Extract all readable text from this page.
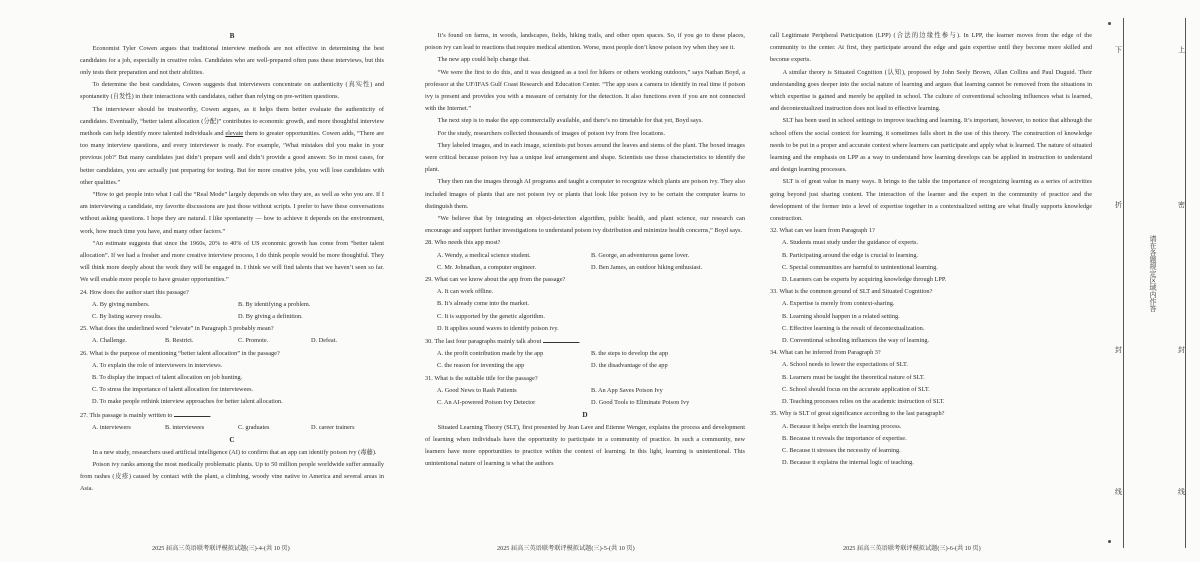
B

Economist Tyler Cowen argues that traditional interview methods are not effective in determining the best candidates for a job, especially in creative roles. Candidates who are well-prepared often pass these interviews, but this only tests their preparation and not their abilities.

To determine the best candidates, Cowen suggests that interviewers concentrate on authenticity (真实性) and spontaneity (自发性) in their interactions with candidates, rather than relying on pre-written questions.

The interviewer should be trustworthy, Cowen argues, as it helps them better evaluate the authenticity of candidates. Eventually, “better talent allocation (分配)” contributes to economic growth, and more thoughtful interview methods can help identify more talented individuals and elevate them to greater opportunities. Cowen adds, “There are too many interview questions, and every interviewer is ready. For example, ‘What mistakes did you make in your previous job?’ But many candidates just didn’t prepare well and didn’t provide a good answer. So in most cases, for better candidates, you are actually just preparing for testing. But for more creative jobs, you will lose candidates with other qualities.”

“How to get people into what I call the “Real Mode” largely depends on who they are, as well as who you are. If I am interviewing a candidate, my favorite discussions are just those without scripts. I prefer to have these conversations without asking questions. I hope they are natural. I like spontaneity — how to achieve it depends on the environment, work, how much time you have, and many other factors.”

“An estimate suggests that since the 1960s, 20% to 40% of US economic growth has come from “better talent allocation”. If we had a fresher and more creative interview process, I do think people would be more thoughtful. They will think more deeply about the work they will be engaged in. I think we will find talents that we haven’t seen so far. We will enable more people to have greater opportunities.”

24. How does the author start this passage?

A. By giving numbers.	B. By identifying a problem.
C. By listing survey results.	D. By giving a definition.

25. What does the underlined word “elevate” in Paragraph 3 probably mean?

A. Challenge.	B. Restrict.	C. Promote.	D. Defeat.

26. What is the purpose of mentioning “better talent allocation” in the passage?

A. To explain the role of interviewers in interviews.

B. To display the impact of talent allocation on job hunting.

C. To stress the importance of talent allocation for interviewees.

D. To make people rethink interview approaches for better talent allocation.

27. This passage is mainly written to	.

A. interviewers	B. interviewees	C. graduates	D. career trainers
C

In a new study, researchers used artificial intelligence (AI) to confirm that an app can identify poison ivy (毒藤).

Poison ivy ranks among the most medically problematic plants. Up to 50 million people worldwide suffer annually from rashes (皮疹) caused by contact with the plant, a climbing, woody vine native to America and several areas in Asia.

It’s found on farms, in woods, landscapes, fields, hiking trails, and other open spaces. So, if you go to these places, poison ivy can lead to reactions that require medical attention. Worse, most people don’t know poison ivy when they see it.

The new app could help change that.

“We were the first to do this, and it was designed as a tool for hikers or others working outdoors,” says Nathan Boyd, a professor at the UF/IFAS Gulf Coast Research and Education Center. “The app uses a camera to identify in real time if poison ivy is present and provides you with a measure of certainty for the detection. It also functions even if you are not connected with the Internet.”

The next step is to make the app commercially available, and there’s no timetable for that yet, Boyd says.

For the study, researchers collected thousands of images of poison ivy from five locations.

They labeled images, and in each image, scientists put boxes around the leaves and stems of the plant. The boxed images were critical because poison ivy has a unique leaf arrangement and shape. Scientists use those characteristics to identify the plant.

They then ran the images through AI programs and taught a computer to recognize which plants are poison ivy. They also included images of plants that are not poison ivy or plants that look like poison ivy to be certain the computer learns to distinguish them.

“We believe that by integrating an object-detection algorithm, public health, and plant science, our research can encourage and support further investigations to understand poison ivy distribution and minimize health concerns,” Boyd says.

28. Who needs this app most?

A. Wendy, a medical science student.	B. George, an adventurous game lover.
C. Mr. Johnathan, a computer engineer.	D. Ben James, an outdoor hiking enthusiast.

29. What can we know about the app from the passage?

A. It can work offline.

B. It’s already come into the market.

C. It is supported by the genetic algorithm.

D. It applies sound waves to identify poison ivy.

30. The last four paragraphs mainly talk about	.

A. the profit contribution made by the app	B. the steps to develop the app
C. the reason for inventing the app	D. the disadvantage of the app

31. What is the suitable title for the passage?

A. Good News to Rash Patients	B. An App Saves Poison Ivy
C. An AI-powered Poison Ivy Detector	D. Good Tools to Eliminate Poison Ivy
D

Situated Learning Theory (SLT), first presented by Jean Lave and Etienne Wenger, explains the process and development of learning when individuals have the opportunity to participate in a community of practice. In such a community, new learners have more opportunities to practice within the context of learning. In this light, learning is unintentional. This unintentional nature of learning is what the authors

call Legitimate Peripheral Participation (LPP) (合法的边缘性参与). In LPP, the learner moves from the edge of the community to the center. At first, they participate around the edge and gain expertise until they become more skilled and become experts.

A similar theory is Situated Cognition (认知), proposed by John Seely Brown, Allan Collins and Paul Duguid. Their understanding goes deeper into the social nature of learning and argues that learning cannot be removed from the situations in which expertise is gained and merely be applied in school. The culture of conventional schooling influences what is learned, and decontextualized instruction does not lead to effective learning.

SLT has been used in school settings to improve teaching and learning. It’s important, however, to notice that although the school offers the social context for learning, it sometimes falls short in the use of this theory. The construction of knowledge needs to be put in a proper and accurate context where learners can participate and apply what is learned. The nature of situated learning and the emphasis on LPP as a way to understand how learning develops can be applied in instruction to understand and design learning processes.

SLT is of great value in many ways. It brings to the table the importance of recognizing learning as a series of activities going beyond just sharing content. The interaction of the learner and the expert in the community of practice and the development of the former into a level of expertise together in a contextualized setting are what finally supports knowledge construction.

32. What can we learn from Paragraph 1?

A. Students must study under the guidance of experts.

B. Participating around the edge is crucial to learning.

C. Special communities are harmful to unintentional learning.

D. Learners can be experts by acquiring knowledge through LPP.

33. What is the common ground of SLT and Situated Cognition?

A. Expertise is merely from context-sharing.

B. Learning should happen in a related setting.

C. Effective learning is the result of decontextualization.

D. Conventional schooling influences the way of learning.

34. What can be inferred from Paragraph 3?

A. School needs to lower the expectations of SLT.

B. Learners must be taught the theoretical nature of SLT.

C. School should focus on the accurate application of SLT.

D. Teaching processes relies on the academic instruction of SLT.

35. Why is SLT of great significance according to the last paragraph?

A. Because it helps enrich the learning process.

B. Because it reveals the importance of expertise.

C. Because it stresses the necessity of learning.

D. Because it explains the internal logic of teaching.

2025 届高三英语联考联评模拟试题(三)-4-(共 10 页)	2025 届高三英语联考联评模拟试题(三)-5-(共 10 页)	2025 届高三英语联考联评模拟试题(三)-6-(共 10 页)
下
折
封
线
上
密
封
线
请在各题规定区域内作答
